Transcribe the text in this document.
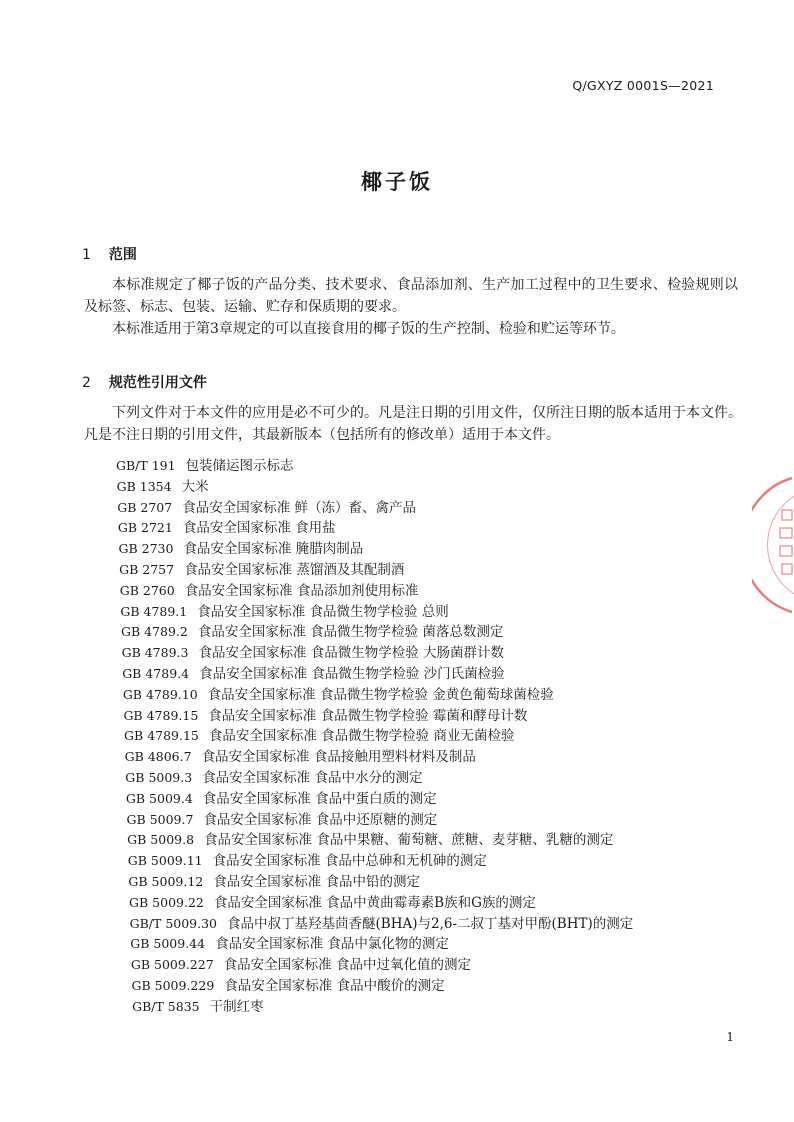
Q/GXYZ 0001S—2021
椰子饭
1 范围

本标准规定了椰子饭的产品分类、技术要求、食品添加剂、生产加工过程中的卫生要求、检验规则以及标签、标志、包装、运输、贮存和保质期的要求。

本标准适用于第3章规定的可以直接食用的椰子饭的生产控制、检验和贮运等环节。

2 规范性引用文件

下列文件对于本文件的应用是必不可少的。凡是注日期的引用文件，仅所注日期的版本适用于本文件。凡是不注日期的引用文件，其最新版本（包括所有的修改单）适用于本文件。

GB/T 191 包装储运图示标志
GB 1354 大米
GB 2707 食品安全国家标准 鲜（冻）畜、禽产品
GB 2721 食品安全国家标准 食用盐
GB 2730 食品安全国家标准 腌腊肉制品
GB 2757 食品安全国家标准 蒸馏酒及其配制酒
GB 2760 食品安全国家标准 食品添加剂使用标准
GB 4789.1 食品安全国家标准 食品微生物学检验 总则
GB 4789.2 食品安全国家标准 食品微生物学检验 菌落总数测定
GB 4789.3 食品安全国家标准 食品微生物学检验 大肠菌群计数
GB 4789.4 食品安全国家标准 食品微生物学检验 沙门氏菌检验
GB 4789.10 食品安全国家标准 食品微生物学检验 金黄色葡萄球菌检验
GB 4789.15 食品安全国家标准 食品微生物学检验 霉菌和酵母计数
GB 4789.15 食品安全国家标准 食品微生物学检验 商业无菌检验
GB 4806.7 食品安全国家标准 食品接触用塑料材料及制品
GB 5009.3 食品安全国家标准 食品中水分的测定
GB 5009.4 食品安全国家标准 食品中蛋白质的测定
GB 5009.7 食品安全国家标准 食品中还原糖的测定
GB 5009.8 食品安全国家标准 食品中果糖、葡萄糖、蔗糖、麦芽糖、乳糖的测定
GB 5009.11 食品安全国家标准 食品中总砷和无机砷的测定
GB 5009.12 食品安全国家标准 食品中铅的测定
GB 5009.22 食品安全国家标准 食品中黄曲霉毒素B族和G族的测定
GB/T 5009.30 食品中叔丁基羟基茴香醚(BHA)与2,6-二叔丁基对甲酚(BHT)的测定
GB 5009.44 食品安全国家标准 食品中氯化物的测定
GB 5009.227 食品安全国家标准 食品中过氧化值的测定
GB 5009.229 食品安全国家标准 食品中酸价的测定
GB/T 5835 干制红枣
1
